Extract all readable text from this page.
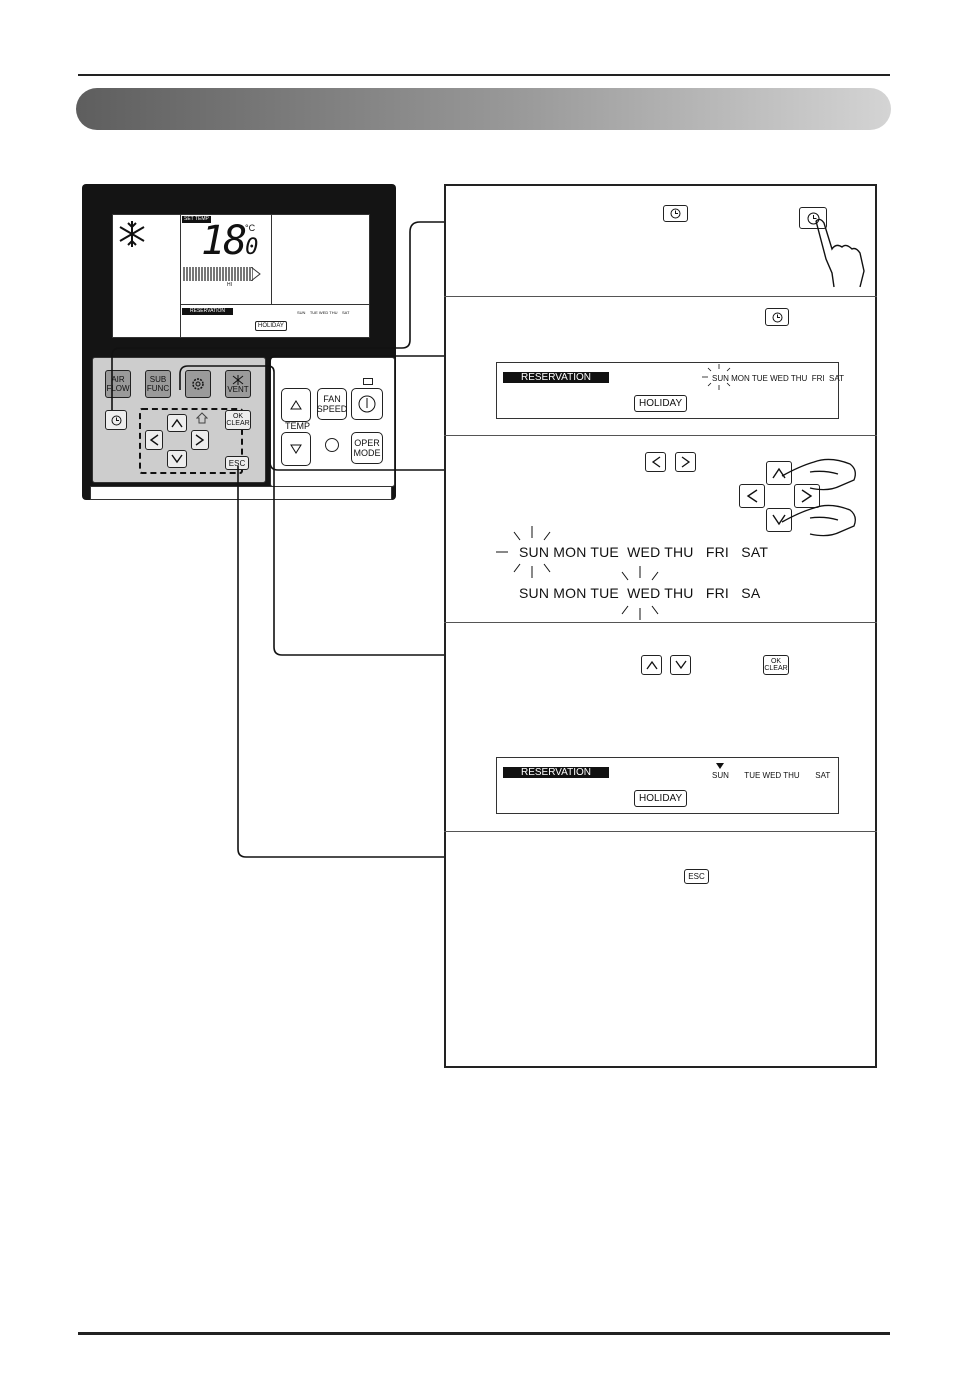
SET TEMP
180
°C
HI
RESERVATION	SUN    TUE WED THU    SAT
HOLIDAY
AIR
FLOW
SUB
FUNC	VENT
OK
CLEAR
ESC
TEMP
FAN
SPEED
OPER
MODE
RESERVATION	SUN MON TUE WED THU  FRI  SAT
HOLIDAY
SUN MON TUE  WED THU   FRI   SAT
SUN MON TUE  WED THU   FRI   SA
OK
CLEAR
RESERVATION	SUN       TUE WED THU       SAT
HOLIDAY
ESC
